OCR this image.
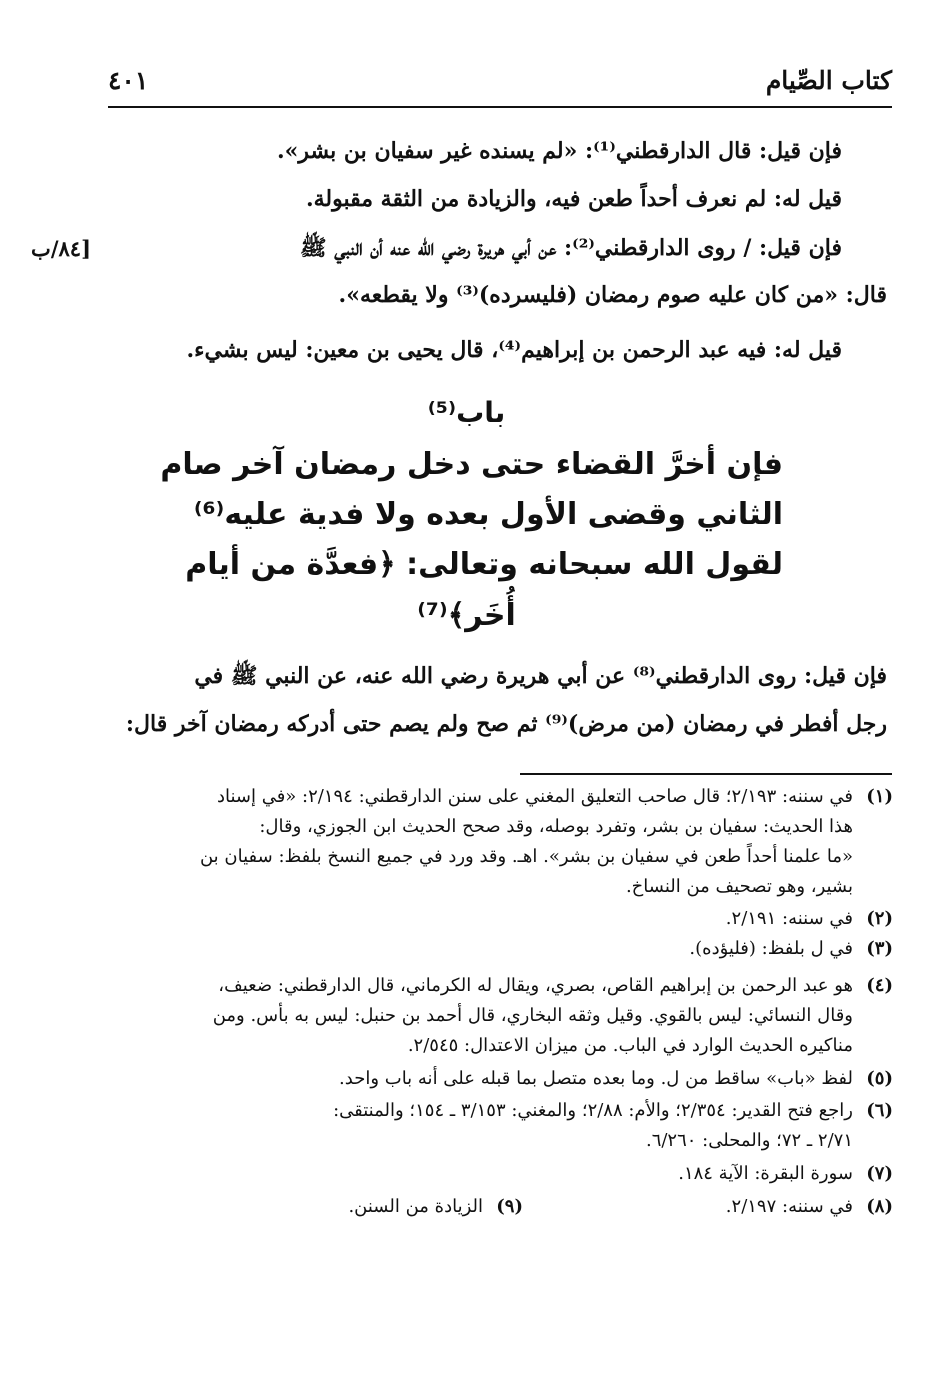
كتاب الصِّيام
٤٠١
فإن قيل: قال الدارقطني⁽¹⁾: «لم يسنده غير سفيان بن بشر».
قيل له: لم نعرف أحداً طعن فيه، والزيادة من الثقة مقبولة.
فإن قيل: / روى الدارقطني⁽²⁾: عن أبي هريرة رضي الله عنه أن النبي ﷺ
[٨٤/ب
قال: «من كان عليه صوم رمضان (فليسرده)⁽³⁾ ولا يقطعه».
قيل له: فيه عبد الرحمن بن إبراهيم⁽⁴⁾، قال يحيى بن معين: ليس بشيء.
باب⁽⁵⁾
فإن أخرَّ القضاء حتى دخل رمضان آخر صام
الثاني وقضى الأول بعده ولا فدية عليه⁽⁶⁾
لقول الله سبحانه وتعالى: ﴿فعدَّة من أيام
أُخَر﴾⁽⁷⁾
فإن قيل: روى الدارقطني⁽⁸⁾ عن أبي هريرة رضي الله عنه، عن النبي ﷺ في
رجل أفطر في رمضان (من مرض)⁽⁹⁾ ثم صح ولم يصم حتى أدركه رمضان آخر قال:
(١)
في سننه: ٢/١٩٣؛ قال صاحب التعليق المغني على سنن الدارقطني: ٢/١٩٤: «في إسناد
هذا الحديث: سفيان بن بشر، وتفرد بوصله، وقد صحح الحديث ابن الجوزي، وقال:
«ما علمنا أحداً طعن في سفيان بن بشر». اهـ. وقد ورد في جميع النسخ بلفظ: سفيان بن
بشير، وهو تصحيف من النساخ.
(٢)
في سننه: ٢/١٩١.
(٣)
في ل بلفظ: (فليؤده).
(٤)
هو عبد الرحمن بن إبراهيم القاص، بصري، ويقال له الكرماني، قال الدارقطني: ضعيف،
وقال النسائي: ليس بالقوي. وقيل وثقه البخاري، قال أحمد بن حنبل: ليس به بأس. ومن
مناكيره الحديث الوارد في الباب. من ميزان الاعتدال: ٢/٥٤٥.
(٥)
لفظ «باب» ساقط من ل. وما بعده متصل بما قبله على أنه باب واحد.
(٦)
راجع فتح القدير: ٢/٣٥٤؛ والأم: ٢/٨٨؛ والمغني: ٣/١٥٣ ـ ١٥٤؛ والمنتقى:
٢/٧١ ـ ٧٢؛ والمحلى: ٦/٢٦٠.
(٧)
سورة البقرة: الآية ١٨٤.
(٨)
في سننه: ٢/١٩٧.
(٩)
الزيادة من السنن.
